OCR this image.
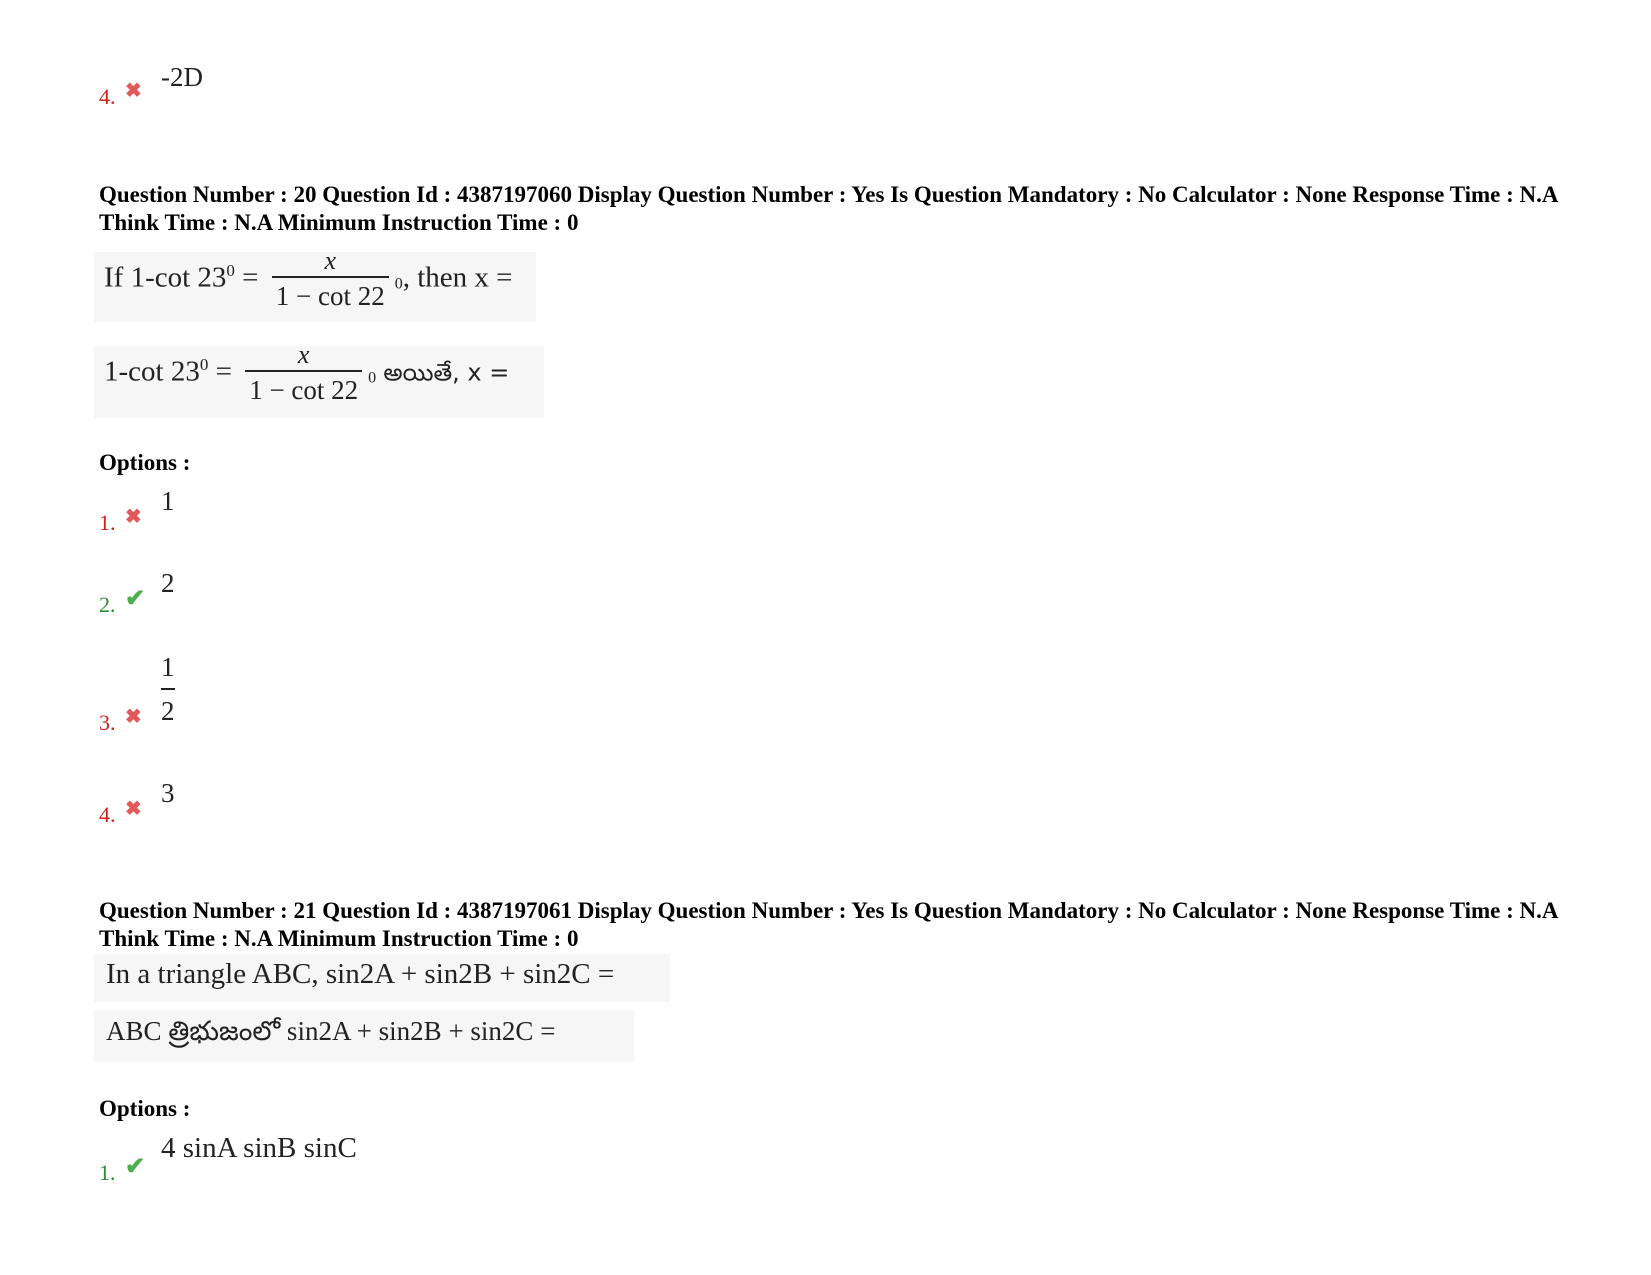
4. ✖ -2D
Question Number : 20 Question Id : 4387197060 Display Question Number : Yes Is Question Mandatory : No Calculator : None Response Time : N.A Think Time : N.A Minimum Instruction Time : 0
If 1-cot $23^0 = \frac{x}{1 - \cot 22} 0$, then x =
1-cot $23^0 = \frac{x}{1 - \cot 22} 0$ అయితే, x =
Options :
1. ✖
1
2. ✔
2
3. ✖
1
2
4. ✖
3
Question Number : 21 Question Id : 4387197061 Display Question Number : Yes Is Question Mandatory : No Calculator : None Response Time : N.A Think Time : N.A Minimum Instruction Time : 0
In a triangle ABC, sin2A + sin2B + sin2C =
ABC త్రిభుజంలో sin2A + sin2B + sin2C =
Options :
1. ✔
4 sinA sinB sinC
